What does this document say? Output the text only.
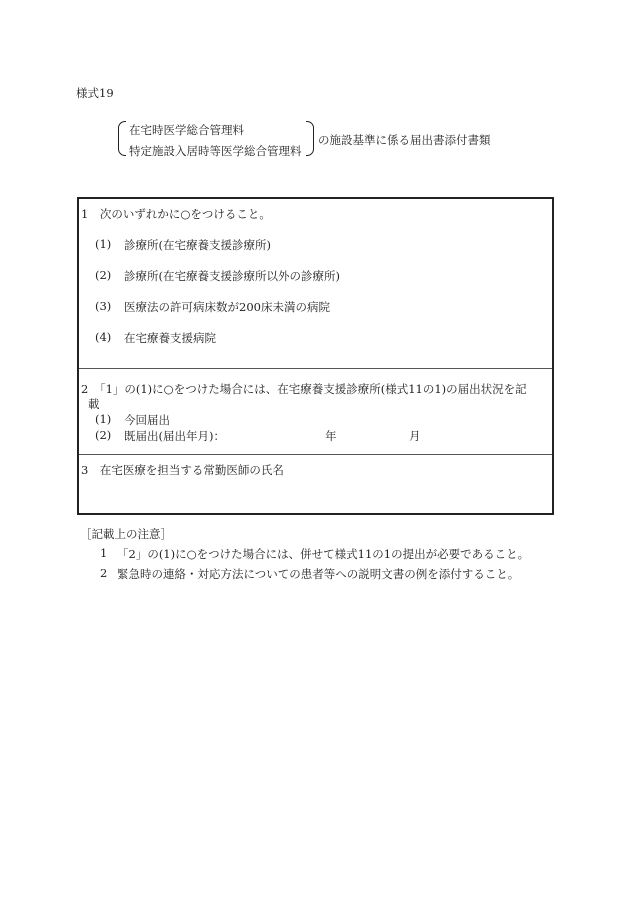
様式19
在宅時医学総合管理料
特定施設入居時等医学総合管理料
の施設基準に係る届出書添付書類
1　次のいずれかに○をつけること。
(1) 診療所(在宅療養支援診療所)
(2) 診療所(在宅療養支援診療所以外の診療所)
(3) 医療法の許可病床数が200床未満の病院
(4) 在宅療養支援病院
2　「1」の(1)に○をつけた場合には、在宅療養支援診療所(様式11の1)の届出状況を記
載
(1) 今回届出
(2) 既届出(届出年月)：	年	月
3　在宅医療を担当する常勤医師の氏名
［記載上の注意］
1 「2」の(1)に○をつけた場合には、併せて様式11の1の提出が必要であること。
2 緊急時の連絡・対応方法についての患者等への説明文書の例を添付すること。
